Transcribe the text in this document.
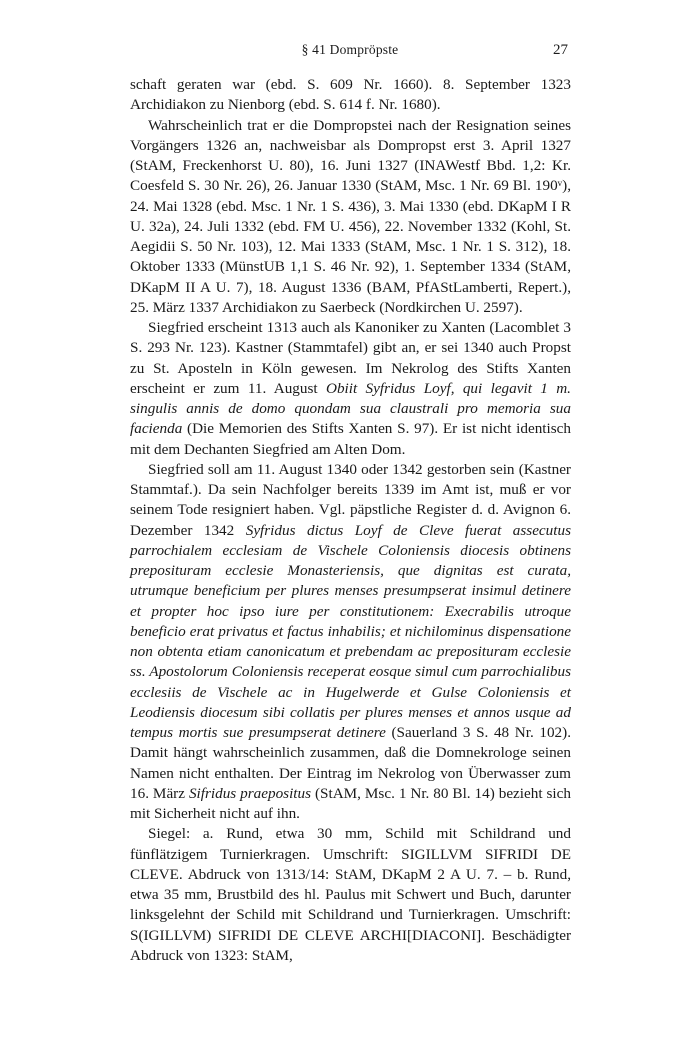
§ 41 Dompröpste	27

schaft geraten war (ebd. S. 609 Nr. 1660). 8. September 1323 Archidiakon zu Nienborg (ebd. S. 614 f. Nr. 1680).

Wahrscheinlich trat er die Dompropstei nach der Resignation seines Vorgängers 1326 an, nachweisbar als Dompropst erst 3. April 1327 (StAM, Freckenhorst U. 80), 16. Juni 1327 (INAWestf Bbd. 1,2: Kr. Coesfeld S. 30 Nr. 26), 26. Januar 1330 (StAM, Msc. 1 Nr. 69 Bl. 190ᵛ), 24. Mai 1328 (ebd. Msc. 1 Nr. 1 S. 436), 3. Mai 1330 (ebd. DKapM I R U. 32a), 24. Juli 1332 (ebd. FM U. 456), 22. November 1332 (Kohl, St. Aegidii S. 50 Nr. 103), 12. Mai 1333 (StAM, Msc. 1 Nr. 1 S. 312), 18. Oktober 1333 (MünstUB 1,1 S. 46 Nr. 92), 1. September 1334 (StAM, DKapM II A U. 7), 18. August 1336 (BAM, PfAStLamberti, Repert.), 25. März 1337 Archidiakon zu Saerbeck (Nordkirchen U. 2597).

Siegfried erscheint 1313 auch als Kanoniker zu Xanten (Lacomblet 3 S. 293 Nr. 123). Kastner (Stammtafel) gibt an, er sei 1340 auch Propst zu St. Aposteln in Köln gewesen. Im Nekrolog des Stifts Xanten erscheint er zum 11. August Obiit Syfridus Loyf, qui legavit 1 m. singulis annis de domo quondam sua claustrali pro memoria sua facienda (Die Memorien des Stifts Xanten S. 97). Er ist nicht identisch mit dem Dechanten Siegfried am Alten Dom.

Siegfried soll am 11. August 1340 oder 1342 gestorben sein (Kastner Stammtaf.). Da sein Nachfolger bereits 1339 im Amt ist, muß er vor seinem Tode resigniert haben. Vgl. päpstliche Register d. d. Avignon 6. Dezember 1342 Syfridus dictus Loyf de Cleve fuerat assecutus parrochialem ecclesiam de Vischele Coloniensis diocesis obtinens preposituram ecclesie Monasteriensis, que dignitas est curata, utrumque beneficium per plures menses presumpserat insimul detinere et propter hoc ipso iure per constitutionem: Execrabilis utroque beneficio erat privatus et factus inhabilis; et nichilominus dispensatione non obtenta etiam canonicatum et prebendam ac preposituram ecclesie ss. Apostolorum Coloniensis receperat eosque simul cum parrochialibus ecclesiis de Vischele ac in Hugelwerde et Gulse Coloniensis et Leodiensis diocesum sibi collatis per plures menses et annos usque ad tempus mortis sue presumpserat detinere (Sauerland 3 S. 48 Nr. 102). Damit hängt wahrscheinlich zusammen, daß die Domnekrologe seinen Namen nicht enthalten. Der Eintrag im Nekrolog von Überwasser zum 16. März Sifridus praepositus (StAM, Msc. 1 Nr. 80 Bl. 14) bezieht sich mit Sicherheit nicht auf ihn.

Siegel: a. Rund, etwa 30 mm, Schild mit Schildrand und fünflätzigem Turnierkragen. Umschrift: SIGILLVM SIFRIDI DE CLEVE. Abdruck von 1313/14: StAM, DKapM 2 A U. 7. – b. Rund, etwa 35 mm, Brustbild des hl. Paulus mit Schwert und Buch, darunter linksgelehnt der Schild mit Schildrand und Turnierkragen. Umschrift: S(IGILLVM) SIFRIDI DE CLEVE ARCHI[DIACONI]. Beschädigter Abdruck von 1323: StAM,
